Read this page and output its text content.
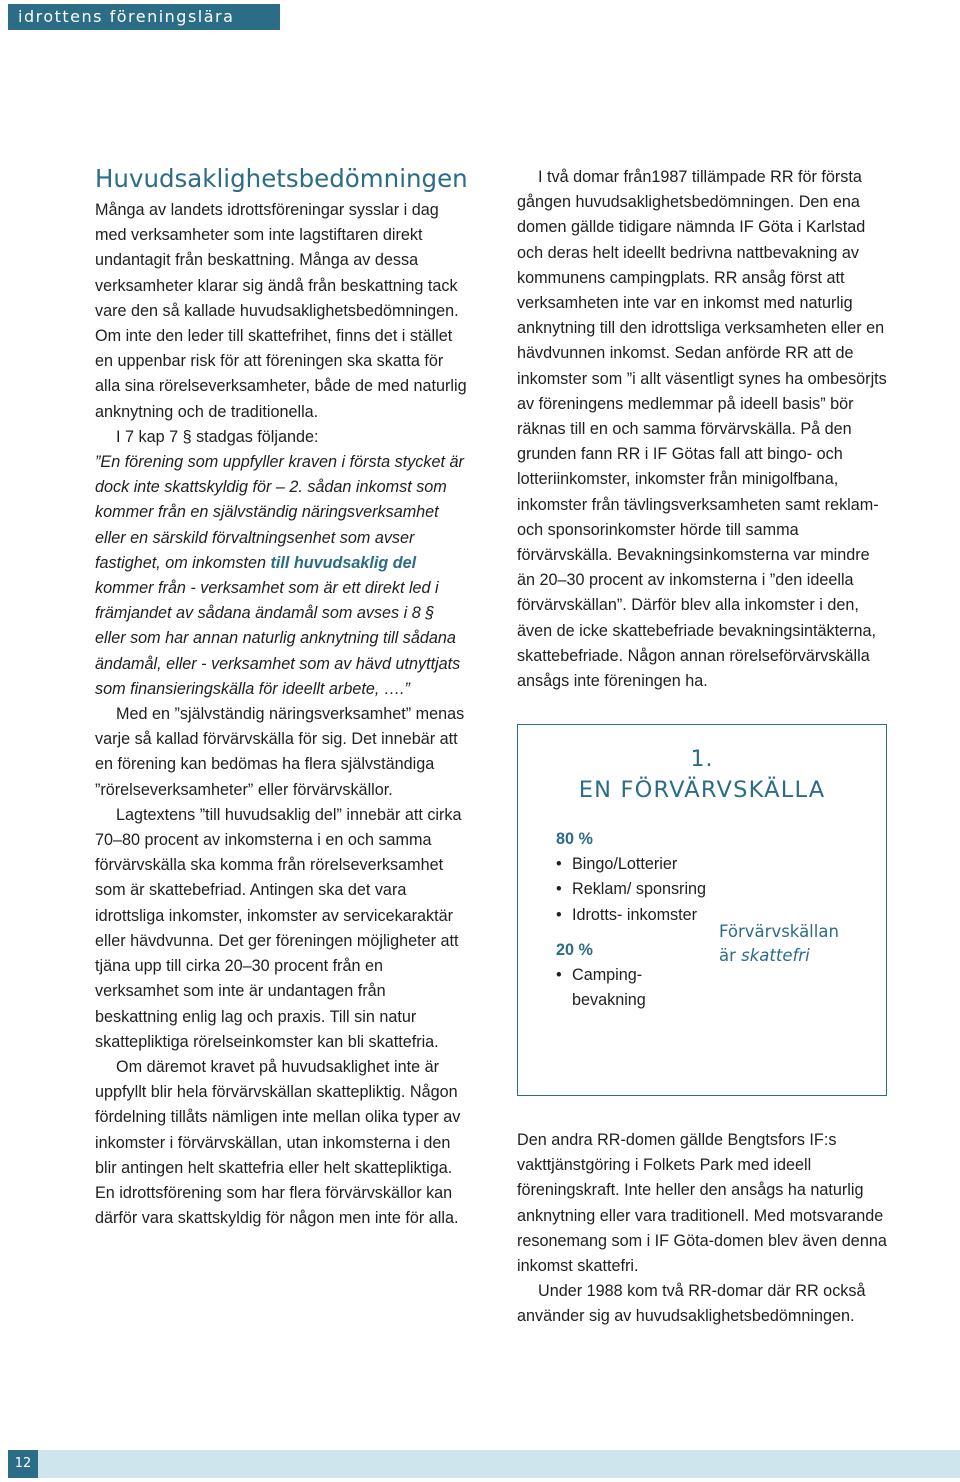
idrottens föreningslära
Huvudsaklighetsbedömningen

Många av landets idrottsföreningar sysslar i dag med verksamheter som inte lagstiftaren direkt undantagit från beskattning. Många av dessa verksamheter klarar sig ändå från beskattning tack vare den så kallade huvudsaklighetsbedömningen. Om inte den leder till skattefrihet, finns det i stället en uppenbar risk för att föreningen ska skatta för alla sina rörelseverksamheter, både de med naturlig anknytning och de traditionella.

I 7 kap 7 § stadgas följande:

”En förening som uppfyller kraven i första stycket är dock inte skattskyldig för – 2. sådan inkomst som kommer från en självständig näringsverksamhet eller en särskild förvaltningsenhet som avser fastighet, om inkomsten till huvudsaklig del kommer från - verksamhet som är ett direkt led i främjandet av sådana ändamål som avses i 8 § eller som har annan naturlig anknytning till sådana ändamål, eller - verksamhet som av hävd utnyttjats som finansieringskälla för ideellt arbete, ….”

Med en ”självständig näringsverksamhet” menas varje så kallad förvärvskälla för sig. Det innebär att en förening kan bedömas ha flera självständiga ”rörelseverksamheter” eller förvärvskällor.

Lagtextens ”till huvudsaklig del” innebär att cirka 70–80 procent av inkomsterna i en och samma förvärvskälla ska komma från rörelseverksamhet som är skattebefriad. Antingen ska det vara idrottsliga inkomster, inkomster av servicekaraktär eller hävdvunna. Det ger föreningen möjligheter att tjäna upp till cirka 20–30 procent från en verksamhet som inte är undantagen från beskattning enlig lag och praxis. Till sin natur skattepliktiga rörelseinkomster kan bli skattefria.

Om däremot kravet på huvudsaklighet inte är uppfyllt blir hela förvärvskällan skattepliktig. Någon fördelning tillåts nämligen inte mellan olika typer av inkomster i förvärvskällan, utan inkomsterna i den blir antingen helt skattefria eller helt skattepliktiga. En idrottsförening som har flera förvärvskällor kan därför vara skattskyldig för någon men inte för alla.

I två domar från1987 tillämpade RR för första gången huvudsaklighetsbedömningen. Den ena domen gällde tidigare nämnda IF Göta i Karlstad och deras helt ideellt bedrivna nattbevakning av kommunens campingplats. RR ansåg först att verksamheten inte var en inkomst med naturlig anknytning till den idrottsliga verksamheten eller en hävdvunnen inkomst. Sedan anförde RR att de inkomster som ”i allt väsentligt synes ha ombesörjts av föreningens medlemmar på ideell basis” bör räknas till en och samma förvärvskälla. På den grunden fann RR i IF Götas fall att bingo- och lotteriinkomster, inkomster från minigolfbana, inkomster från tävlingsverksamheten samt reklam- och sponsorinkomster hörde till samma förvärvskälla. Bevakningsinkomsterna var mindre än 20–30 procent av inkomsterna i ”den ideella förvärvskällan”. Därför blev alla inkomster i den, även de icke skattebefriade bevakningsintäkterna, skattebefriade. Någon annan rörelseförvärvskälla ansågs inte föreningen ha.

1.
EN FÖRVÄRVSKÄLLA

80 %

• Bingo/Lotterier
• Reklam/ sponsring
• Idrotts- inkomster

20 %

• Camping- bevakning
Förvärvskällan
är skattefri

Den andra RR-domen gällde Bengtsfors IF:s vakttjänstgöring i Folkets Park med ideell föreningskraft. Inte heller den ansågs ha naturlig anknytning eller vara traditionell. Med motsvarande resonemang som i IF Göta-domen blev även denna inkomst skattefri.

Under 1988 kom två RR-domar där RR också använder sig av huvudsaklighetsbedömningen.

12
